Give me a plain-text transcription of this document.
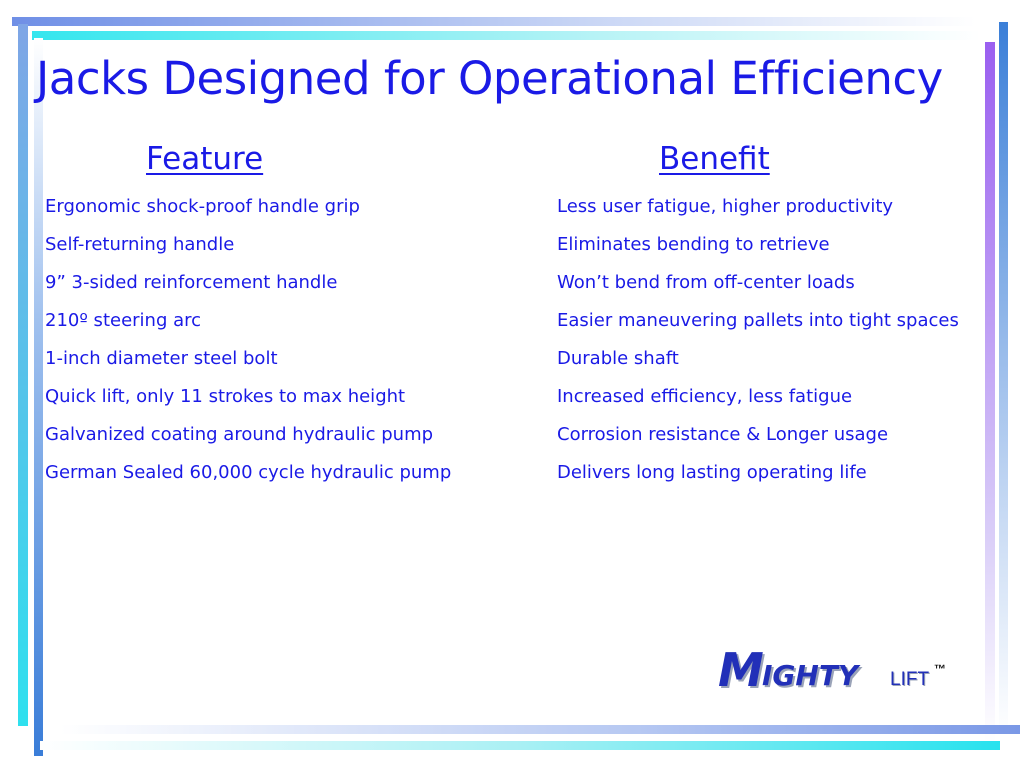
Jacks Designed for Operational Efficiency
Feature	Benefit
Ergonomic shock-proof handle grip	Less user fatigue, higher productivity
Self-returning handle	Eliminates bending to retrieve
9” 3-sided reinforcement handle	Won’t bend from off-center loads
210º steering arc	Easier maneuvering pallets into tight spaces
1-inch diameter steel bolt	Durable shaft
Quick lift, only 11 strokes to max height	Increased efficiency, less fatigue
Galvanized coating around hydraulic pump	Corrosion resistance & Longer usage
German Sealed 60,000 cycle hydraulic pump	Delivers long lasting operating life
M
IGHTY LIFT ™
